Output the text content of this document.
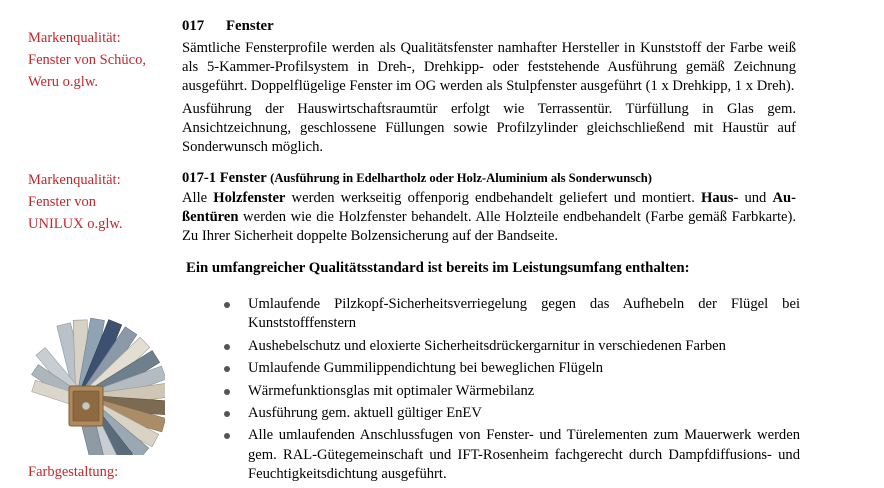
Markenqualität:
Fenster von Schüco,
Weru o.glw.
Markenqualität:
Fenster von
UNILUX o.glw.
Farbgestaltung:
017 Fenster

Sämtliche Fensterprofile werden als Qualitätsfenster namhafter Hersteller in Kunststoff der Farbe weiß als 5-Kammer-Profilsystem in Dreh-, Drehkipp- oder feststehende Ausführung gemäß Zeichnung ausgeführt. Doppelflügelige Fenster im OG werden als Stulpfenster ausgeführt (1 x Drehkipp, 1 x Dreh).

Ausführung der Hauswirtschaftsraumtür erfolgt wie Terrassentür. Türfüllung in Glas gem. Ansichtzeichnung, geschlossene Füllungen sowie Profilzylinder gleichschließend mit Haustür auf Sonderwunsch möglich.

017-1 Fenster (Ausführung in Edelhartholz oder Holz-Aluminium als Sonderwunsch)

Alle Holzfenster werden werkseitig offenporig endbehandelt geliefert und montiert. Haus- und Au-ßentüren werden wie die Holzfenster behandelt. Alle Holzteile endbehandelt (Farbe gemäß Farbkarte). Zu Ihrer Sicherheit doppelte Bolzensicherung auf der Bandseite.

Ein umfangreicher Qualitätsstandard ist bereits im Leistungsumfang enthalten:
Umlaufende Pilzkopf-Sicherheitsverriegelung gegen das Aufhebeln der Flügel bei Kunststofffenstern
Aushebelschutz und eloxierte Sicherheitsdrückergarnitur in verschiedenen Farben
Umlaufende Gummilippendichtung bei beweglichen Flügeln
Wärmefunktionsglas mit optimaler Wärmebilanz
Ausführung gem. aktuell gültiger EnEV
Alle umlaufenden Anschlussfugen von Fenster- und Türelementen zum Mauerwerk werden gem. RAL-Gütegemeinschaft und IFT-Rosenheim fachgerecht durch Dampfdiffusions- und Feuchtigkeitsdichtung ausgeführt.
